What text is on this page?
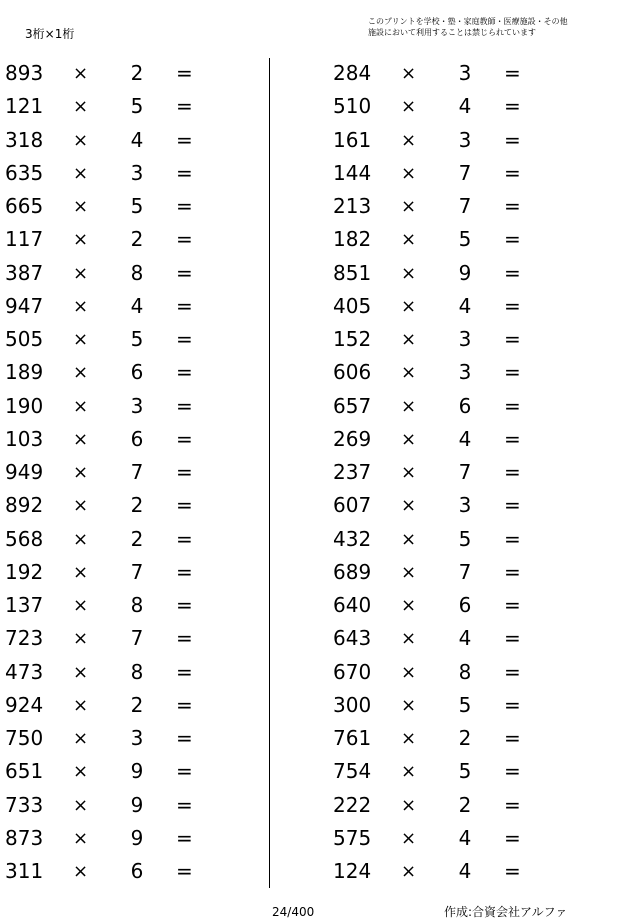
3桁×1桁
このプリントを学校・塾・家庭教師・医療施設・その他
施設において利用することは禁じられています
893 × 2 =
121 × 5 =
318 × 4 =
635 × 3 =
665 × 5 =
117 × 2 =
387 × 8 =
947 × 4 =
505 × 5 =
189 × 6 =
190 × 3 =
103 × 6 =
949 × 7 =
892 × 2 =
568 × 2 =
192 × 7 =
137 × 8 =
723 × 7 =
473 × 8 =
924 × 2 =
750 × 3 =
651 × 9 =
733 × 9 =
873 × 9 =
311 × 6 =
284 × 3 =
510 × 4 =
161 × 3 =
144 × 7 =
213 × 7 =
182 × 5 =
851 × 9 =
405 × 4 =
152 × 3 =
606 × 3 =
657 × 6 =
269 × 4 =
237 × 7 =
607 × 3 =
432 × 5 =
689 × 7 =
640 × 6 =
643 × 4 =
670 × 8 =
300 × 5 =
761 × 2 =
754 × 5 =
222 × 2 =
575 × 4 =
124 × 4 =
24/400	作成:合資会社アルファ
